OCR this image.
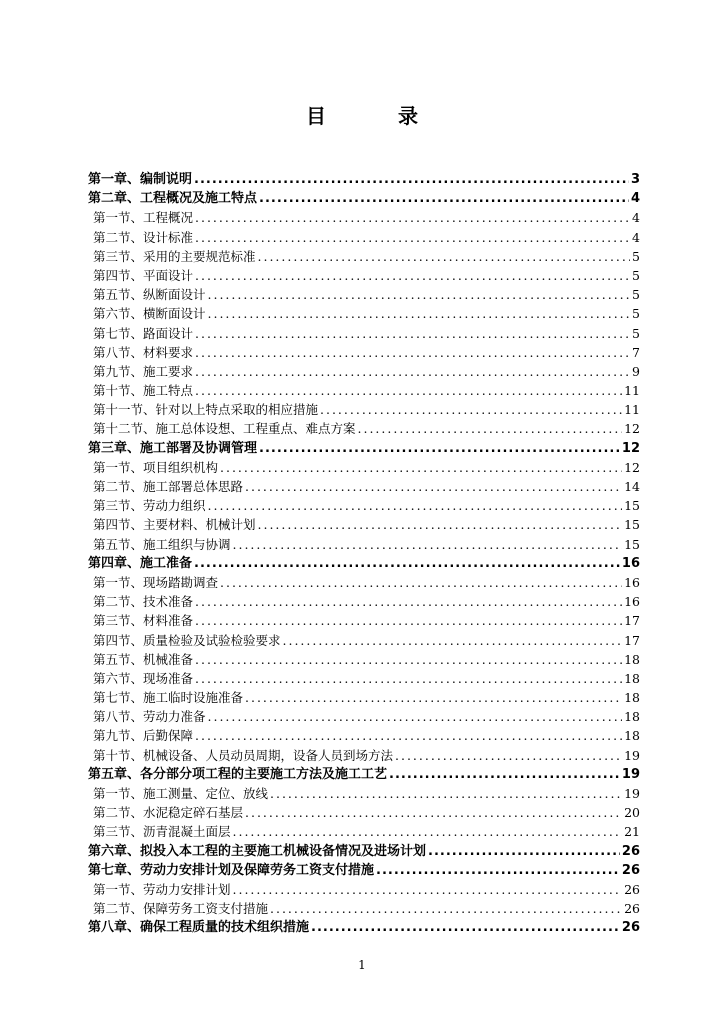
目　录
第一章、编制说明 .....	3
第二章、工程概况及施工特点 .....	4
第一节、工程概况 .....	4
第二节、设计标准 .....	4
第三节、采用的主要规范标准 .....	5
第四节、平面设计 .....	5
第五节、纵断面设计 .....	5
第六节、横断面设计 .....	5
第七节、路面设计 .....	5
第八节、材料要求 .....	7
第九节、施工要求 .....	9
第十节、施工特点 .....	11
第十一节、针对以上特点采取的相应措施 .....	11
第十二节、施工总体设想、工程重点、难点方案 .....	12
第三章、施工部署及协调管理 .....	12
第一节、项目组织机构 .....	12
第二节、施工部署总体思路 .....	14
第三节、劳动力组织 .....	15
第四节、主要材料、机械计划 .....	15
第五节、施工组织与协调 .....	15
第四章、施工准备 .....	16
第一节、现场踏勘调查 .....	16
第二节、技术准备 .....	16
第三节、材料准备 .....	17
第四节、质量检验及试验检验要求 .....	17
第五节、机械准备 .....	18
第六节、现场准备 .....	18
第七节、施工临时设施准备 .....	18
第八节、劳动力准备 .....	18
第九节、后勤保障 .....	18
第十节、机械设备、人员动员周期，设备人员到场方法 .....	19
第五章、各分部分项工程的主要施工方法及施工工艺 .....	19
第一节、施工测量、定位、放线 .....	19
第二节、水泥稳定碎石基层 .....	20
第三节、沥青混凝土面层 .....	21
第六章、拟投入本工程的主要施工机械设备情况及进场计划 .....	26
第七章、劳动力安排计划及保障劳务工资支付措施 .....	26
第一节、劳动力安排计划 .....	26
第二节、保障劳务工资支付措施 .....	26
第八章、确保工程质量的技术组织措施 .....	26
1
